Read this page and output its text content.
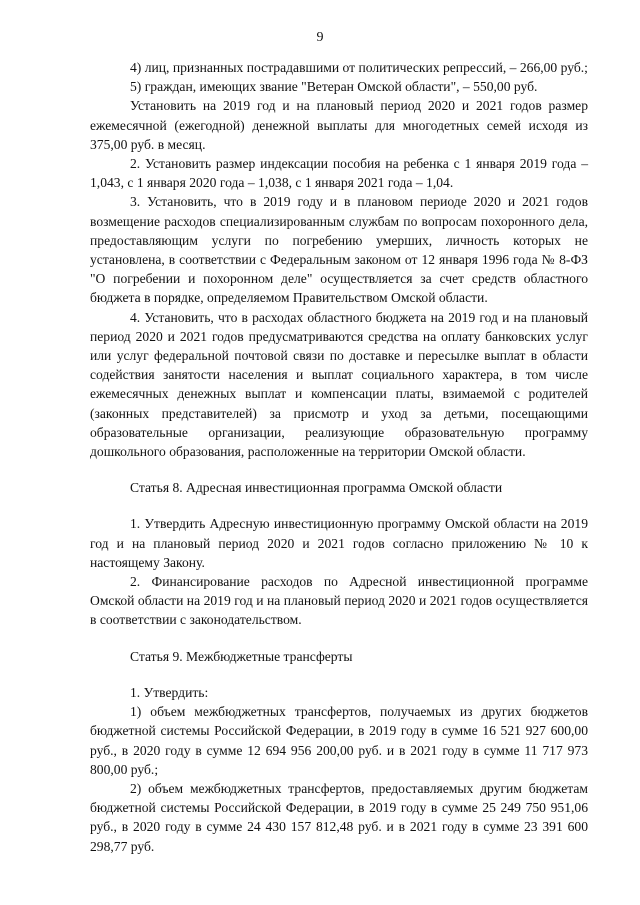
9

4) лиц, признанных пострадавшими от политических репрессий, – 266,00 руб.;

5) граждан, имеющих звание "Ветеран Омской области", – 550,00 руб.

Установить на 2019 год и на плановый период 2020 и 2021 годов размер ежемесячной (ежегодной) денежной выплаты для многодетных семей исходя из 375,00 руб. в месяц.

2. Установить размер индексации пособия на ребенка с 1 января 2019 года – 1,043, с 1 января 2020 года – 1,038, с 1 января 2021 года – 1,04.

3. Установить, что в 2019 году и в плановом периоде 2020 и 2021 годов возмещение расходов специализированным службам по вопросам похоронного дела, предоставляющим услуги по погребению умерших, личность которых не установлена, в соответствии с Федеральным законом от 12 января 1996 года № 8-ФЗ "О погребении и похоронном деле" осуществляется за счет средств областного бюджета в порядке, определяемом Правительством Омской области.

4. Установить, что в расходах областного бюджета на 2019 год и на плановый период 2020 и 2021 годов предусматриваются средства на оплату банковских услуг или услуг федеральной почтовой связи по доставке и пересылке выплат в области содействия занятости населения и выплат социального характера, в том числе ежемесячных денежных выплат и компенсации платы, взимаемой с родителей (законных представителей) за присмотр и уход за детьми, посещающими образовательные организации, реализующие образовательную программу дошкольного образования, расположенные на территории Омской области.

Статья 8. Адресная инвестиционная программа Омской области

1. Утвердить Адресную инвестиционную программу Омской области на 2019 год и на плановый период 2020 и 2021 годов согласно приложению № 10 к настоящему Закону.

2. Финансирование расходов по Адресной инвестиционной программе Омской области на 2019 год и на плановый период 2020 и 2021 годов осуществляется в соответствии с законодательством.

Статья 9. Межбюджетные трансферты

1. Утвердить:

1) объем межбюджетных трансфертов, получаемых из других бюджетов бюджетной системы Российской Федерации, в 2019 году в сумме 16 521 927 600,00 руб., в 2020 году в сумме 12 694 956 200,00 руб. и в 2021 году в сумме 11 717 973 800,00 руб.;

2) объем межбюджетных трансфертов, предоставляемых другим бюджетам бюджетной системы Российской Федерации, в 2019 году в сумме 25 249 750 951,06 руб., в 2020 году в сумме 24 430 157 812,48 руб. и в 2021 году в сумме 23 391 600 298,77 руб.
